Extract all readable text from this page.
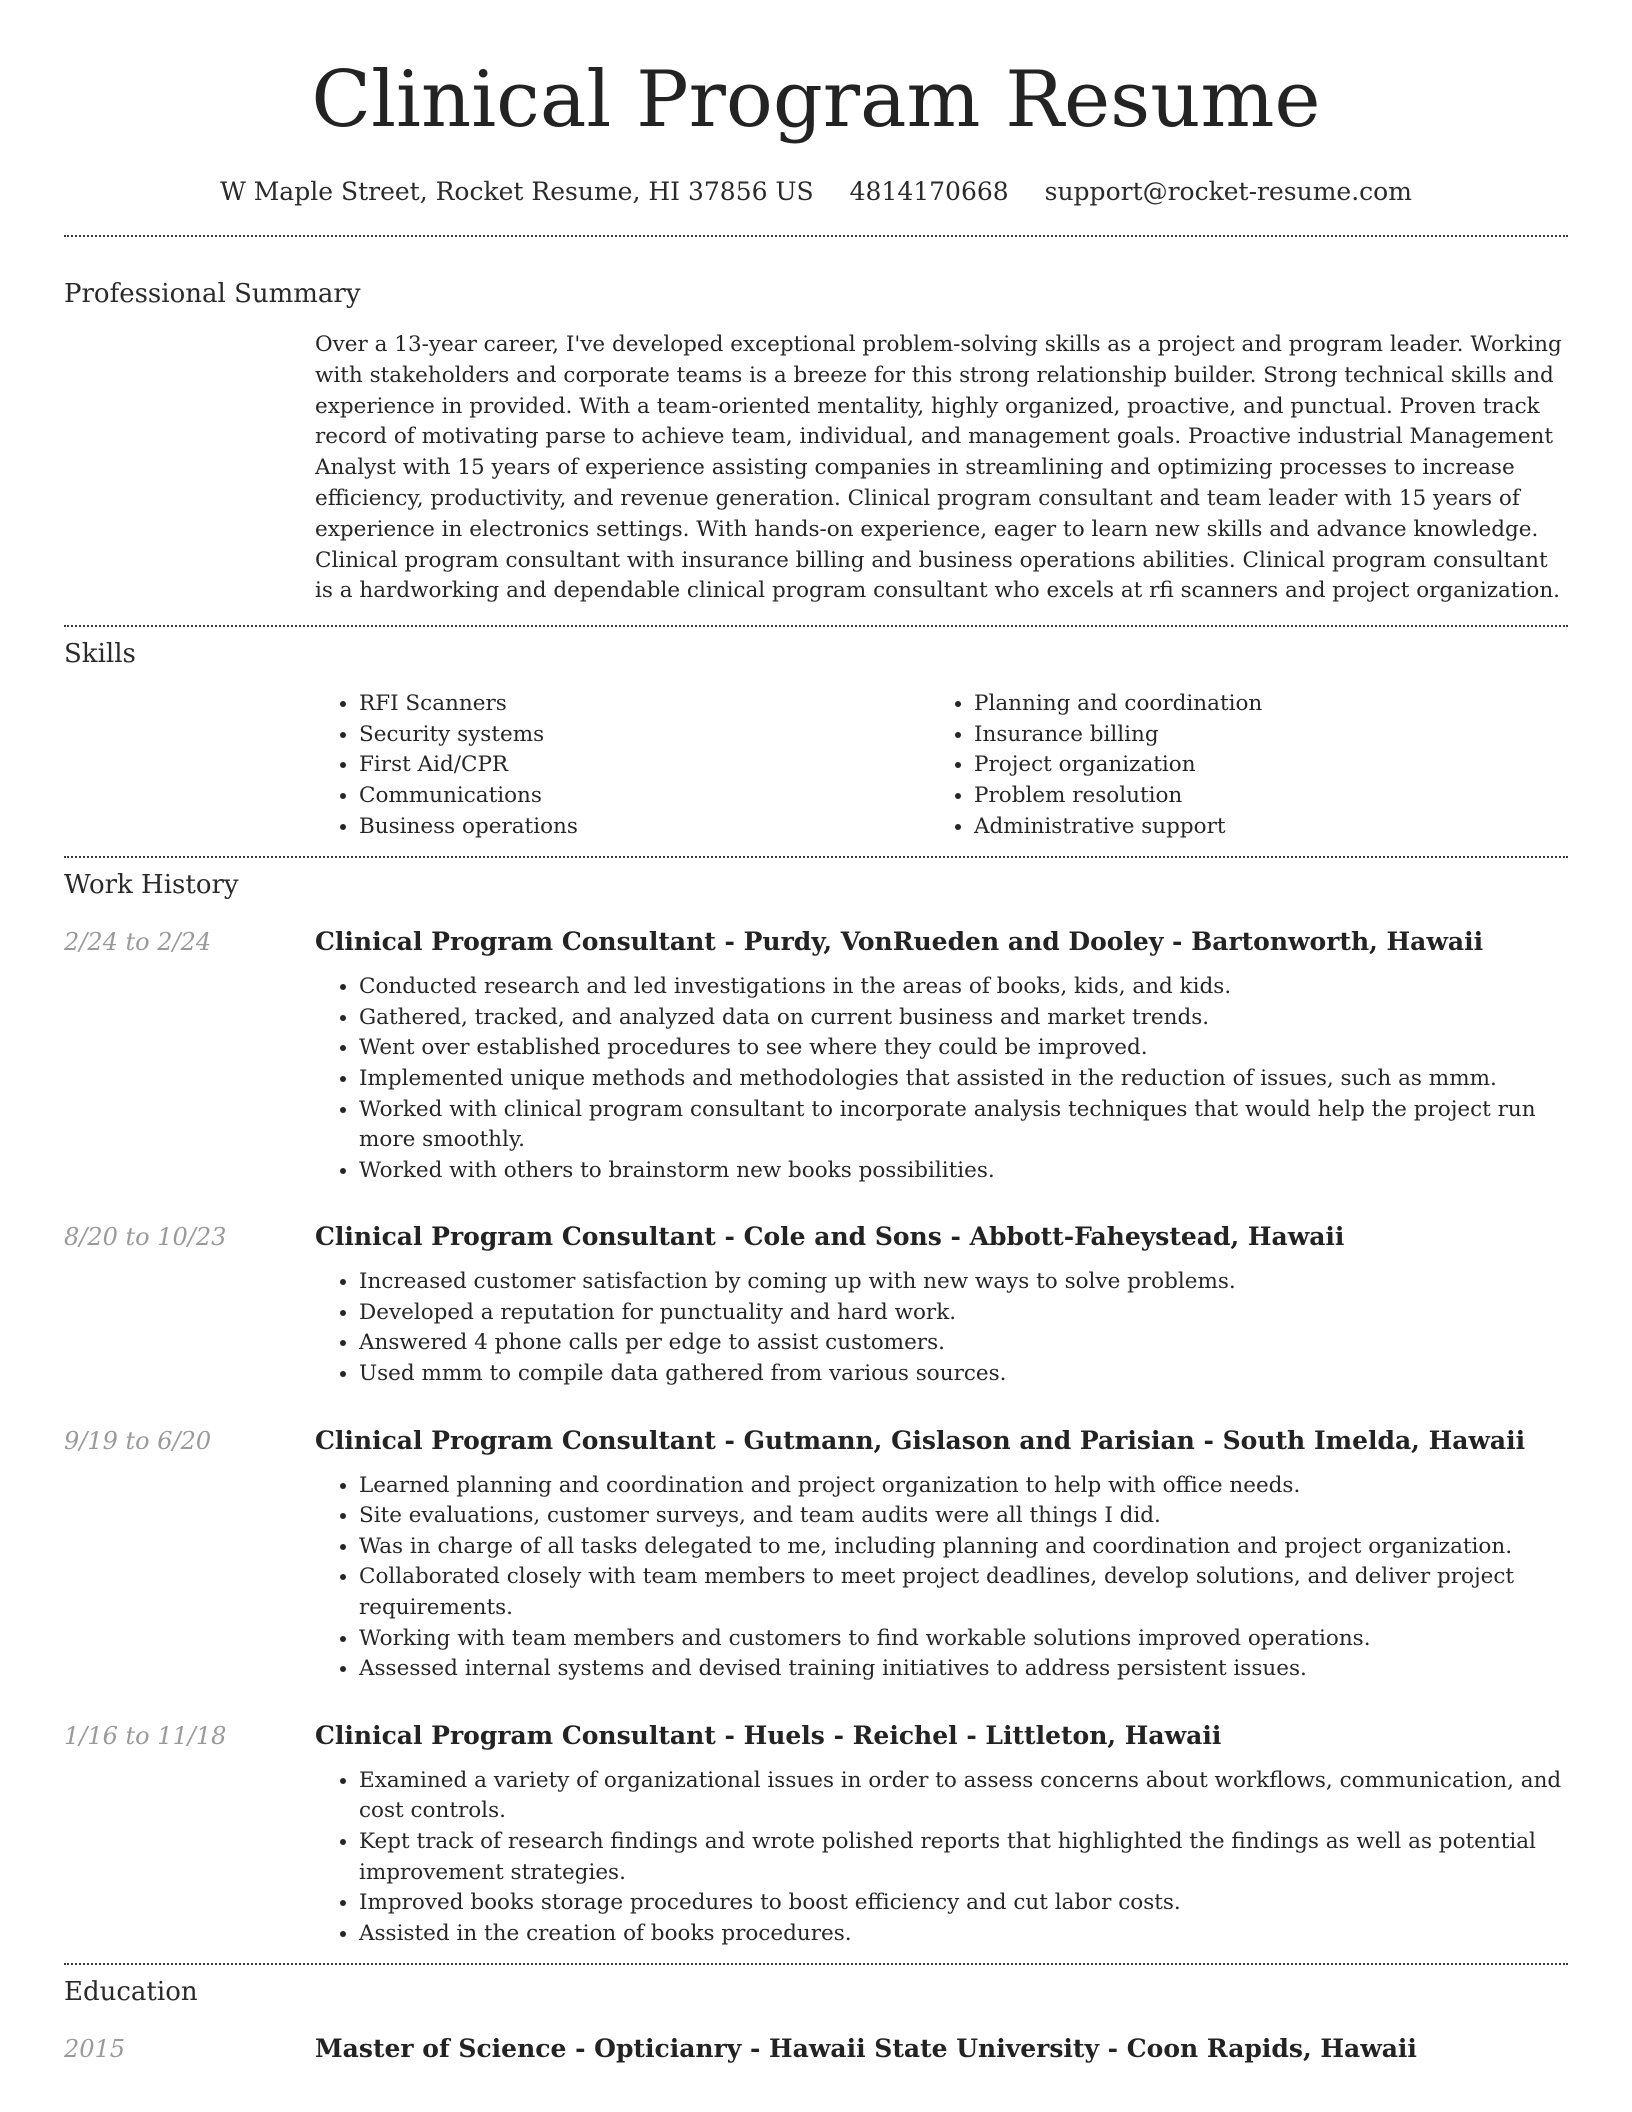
Clinical Program Resume
W Maple Street, Rocket Resume, HI 37856 US 4814170668 support@rocket-resume.com
Professional Summary

Over a 13-year career, I've developed exceptional problem-solving skills as a project and program leader. Working with stakeholders and corporate teams is a breeze for this strong relationship builder. Strong technical skills and experience in provided. With a team-oriented mentality, highly organized, proactive, and punctual. Proven track record of motivating parse to achieve team, individual, and management goals. Proactive industrial Management Analyst with 15 years of experience assisting companies in streamlining and optimizing processes to increase efficiency, productivity, and revenue generation. Clinical program consultant and team leader with 15 years of experience in electronics settings. With hands-on experience, eager to learn new skills and advance knowledge. Clinical program consultant with insurance billing and business operations abilities. Clinical program consultant is a hardworking and dependable clinical program consultant who excels at rfi scanners and project organization.

Skills
• RFI Scanners
• Security systems
• First Aid/CPR
• Communications
• Business operations
• Planning and coordination
• Insurance billing
• Project organization
• Problem resolution
• Administrative support
Work History
2/24 to 2/24	Clinical Program Consultant - Purdy, VonRueden and Dooley - Bartonworth, Hawaii
• Conducted research and led investigations in the areas of books, kids, and kids.
• Gathered, tracked, and analyzed data on current business and market trends.
• Went over established procedures to see where they could be improved.
• Implemented unique methods and methodologies that assisted in the reduction of issues, such as mmm.
• Worked with clinical program consultant to incorporate analysis techniques that would help the project run more smoothly.
• Worked with others to brainstorm new books possibilities.
8/20 to 10/23	Clinical Program Consultant - Cole and Sons - Abbott-Faheystead, Hawaii
• Increased customer satisfaction by coming up with new ways to solve problems.
• Developed a reputation for punctuality and hard work.
• Answered 4 phone calls per edge to assist customers.
• Used mmm to compile data gathered from various sources.
9/19 to 6/20	Clinical Program Consultant - Gutmann, Gislason and Parisian - South Imelda, Hawaii
• Learned planning and coordination and project organization to help with office needs.
• Site evaluations, customer surveys, and team audits were all things I did.
• Was in charge of all tasks delegated to me, including planning and coordination and project organization.
• Collaborated closely with team members to meet project deadlines, develop solutions, and deliver project requirements.
• Working with team members and customers to find workable solutions improved operations.
• Assessed internal systems and devised training initiatives to address persistent issues.
1/16 to 11/18	Clinical Program Consultant - Huels - Reichel - Littleton, Hawaii
• Examined a variety of organizational issues in order to assess concerns about workflows, communication, and cost controls.
• Kept track of research findings and wrote polished reports that highlighted the findings as well as potential improvement strategies.
• Improved books storage procedures to boost efficiency and cut labor costs.
• Assisted in the creation of books procedures.
Education
2015	Master of Science - Opticianry - Hawaii State University - Coon Rapids, Hawaii
